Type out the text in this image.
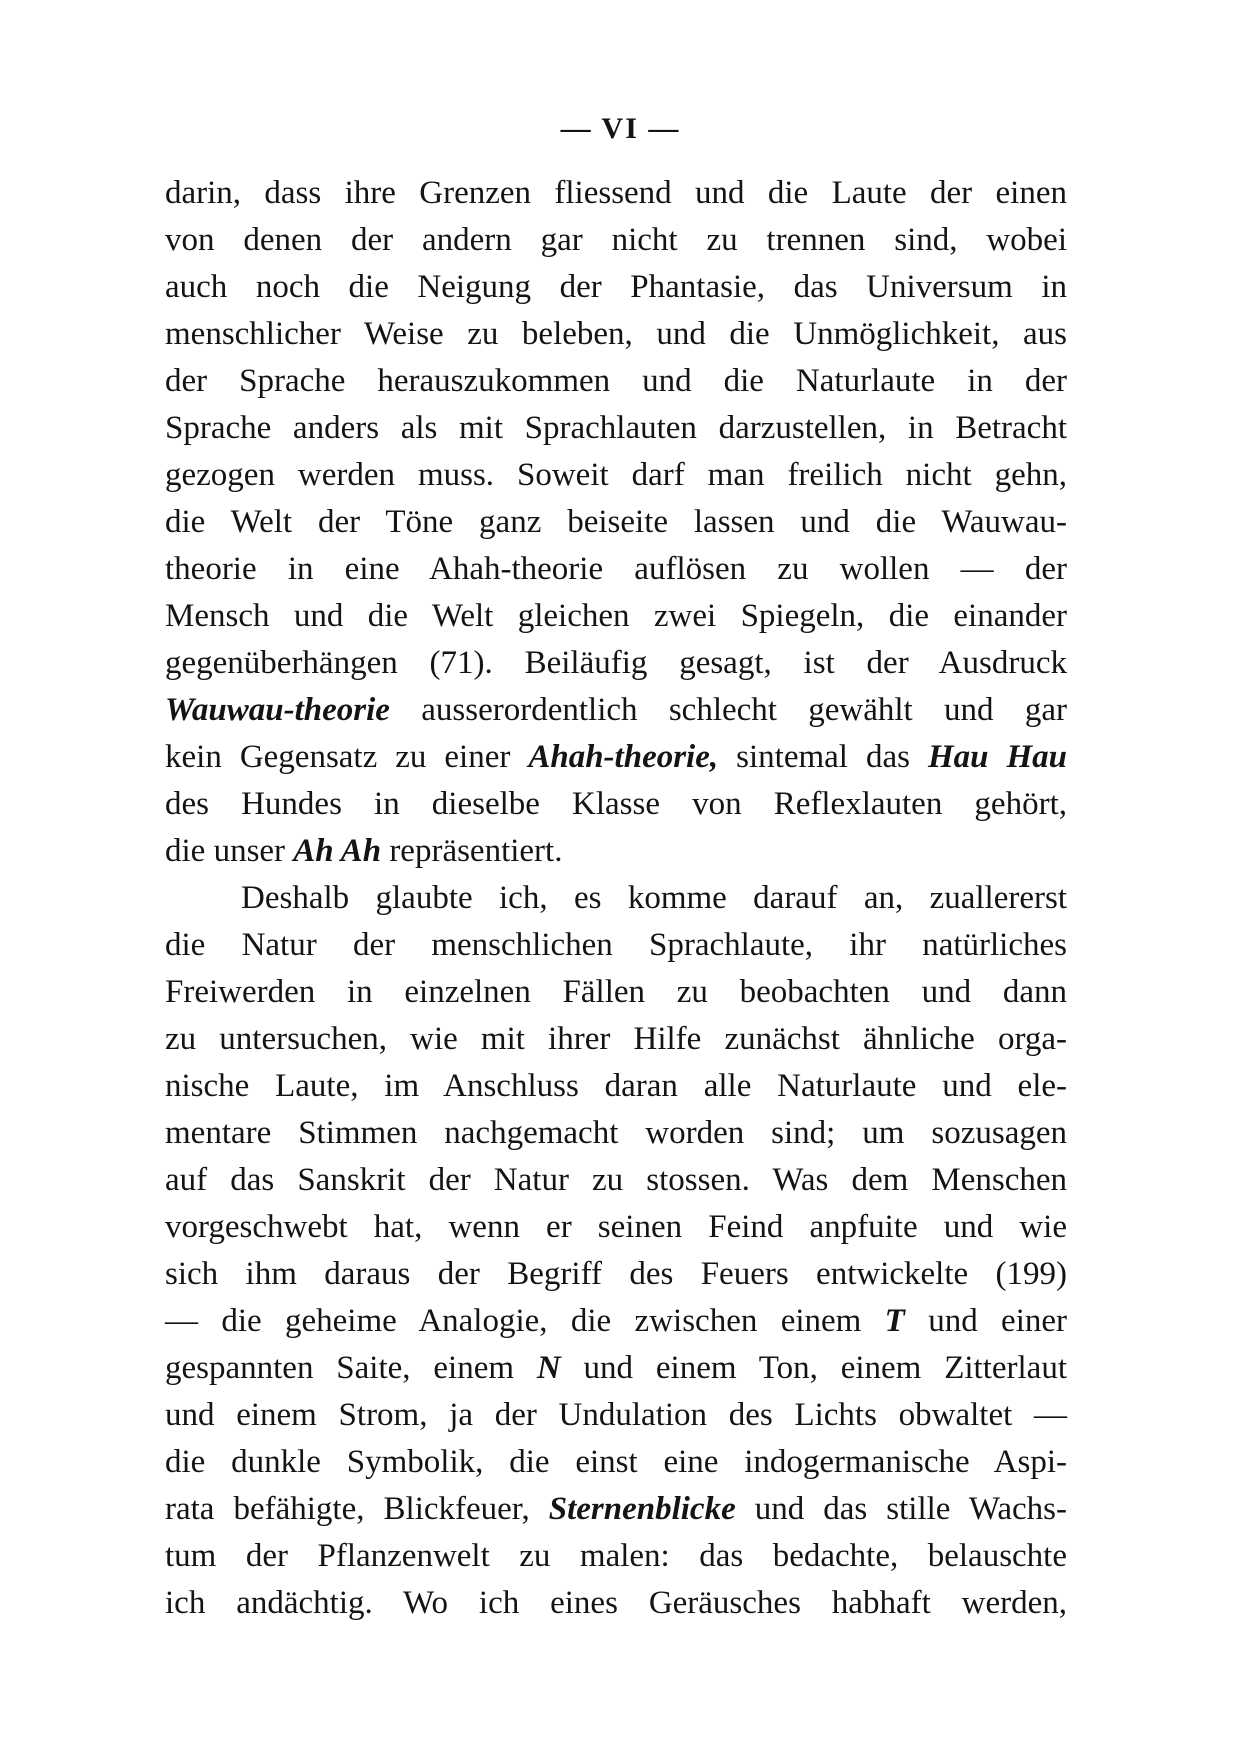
— VI —
darin, dass ihre Grenzen fliessend und die Laute der einen
von denen der andern gar nicht zu trennen sind, wobei
auch noch die Neigung der Phantasie, das Universum in
menschlicher Weise zu beleben, und die Unmöglichkeit, aus
der Sprache herauszukommen und die Naturlaute in der
Sprache anders als mit Sprachlauten darzustellen, in Betracht
gezogen werden muss. Soweit darf man freilich nicht gehn,
die Welt der Töne ganz beiseite lassen und die Wauwau-
theorie in eine Ahah-theorie auflösen zu wollen — der
Mensch und die Welt gleichen zwei Spiegeln, die einander
gegenüberhängen (71). Beiläufig gesagt, ist der Ausdruck
Wauwau-theorie ausserordentlich schlecht gewählt und gar
kein Gegensatz zu einer Ahah-theorie, sintemal das Hau Hau
des Hundes in dieselbe Klasse von Reflexlauten gehört,
die unser Ah Ah repräsentiert.
Deshalb glaubte ich, es komme darauf an, zuallererst
die Natur der menschlichen Sprachlaute, ihr natürliches
Freiwerden in einzelnen Fällen zu beobachten und dann
zu untersuchen, wie mit ihrer Hilfe zunächst ähnliche orga-
nische Laute, im Anschluss daran alle Naturlaute und ele-
mentare Stimmen nachgemacht worden sind; um sozusagen
auf das Sanskrit der Natur zu stossen. Was dem Menschen
vorgeschwebt hat, wenn er seinen Feind anpfuite und wie
sich ihm daraus der Begriff des Feuers entwickelte (199)
— die geheime Analogie, die zwischen einem T und einer
gespannten Saite, einem N und einem Ton, einem Zitterlaut
und einem Strom, ja der Undulation des Lichts obwaltet —
die dunkle Symbolik, die einst eine indogermanische Aspi-
rata befähigte, Blickfeuer, Sternenblicke und das stille Wachs-
tum der Pflanzenwelt zu malen: das bedachte, belauschte
ich andächtig. Wo ich eines Geräusches habhaft werden,
